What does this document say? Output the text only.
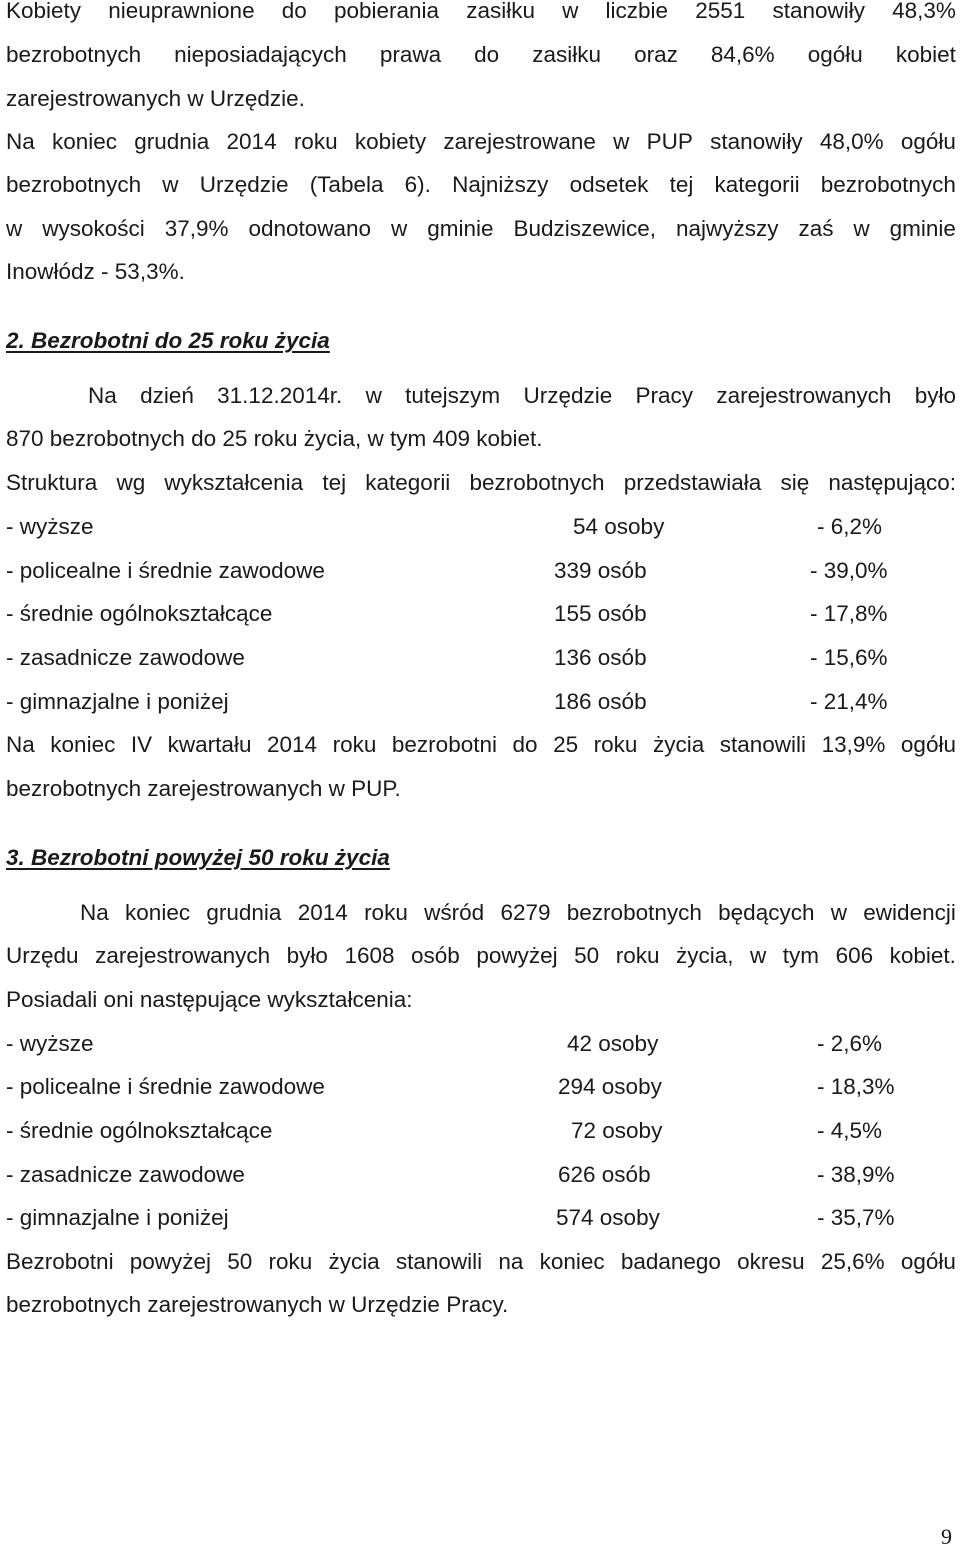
Kobiety nieuprawnione do pobierania zasiłku w liczbie 2551 stanowiły 48,3%
bezrobotnych nieposiadających prawa do zasiłku oraz 84,6% ogółu kobiet
zarejestrowanych w Urzędzie.
Na koniec grudnia 2014 roku kobiety zarejestrowane w PUP stanowiły 48,0% ogółu
bezrobotnych w Urzędzie (Tabela 6). Najniższy odsetek tej kategorii bezrobotnych
w wysokości 37,9% odnotowano w gminie Budziszewice, najwyższy zaś w gminie
Inowłódz - 53,3%.
2. Bezrobotni do 25 roku życia
Na dzień 31.12.2014r. w tutejszym Urzędzie Pracy zarejestrowanych było
870 bezrobotnych do 25 roku życia, w tym 409 kobiet.
Struktura wg wykształcenia tej kategorii bezrobotnych przedstawiała się następująco:
- wyższe	54 osoby	- 6,2%
- policealne i średnie zawodowe	339 osób	- 39,0%
- średnie ogólnokształcące	155 osób	- 17,8%
- zasadnicze zawodowe	136 osób	- 15,6%
- gimnazjalne i poniżej	186 osób	- 21,4%
Na koniec IV kwartału 2014 roku bezrobotni do 25 roku życia stanowili 13,9% ogółu
bezrobotnych zarejestrowanych w PUP.
3. Bezrobotni powyżej 50 roku życia
Na koniec grudnia 2014 roku wśród 6279 bezrobotnych będących w ewidencji
Urzędu zarejestrowanych było 1608 osób powyżej 50 roku życia, w tym 606 kobiet.
Posiadali oni następujące wykształcenia:
- wyższe	42 osoby	- 2,6%
- policealne i średnie zawodowe	294 osoby	- 18,3%
- średnie ogólnokształcące	72 osoby	- 4,5%
- zasadnicze zawodowe	626 osób	- 38,9%
- gimnazjalne i poniżej	574 osoby	- 35,7%
Bezrobotni powyżej 50 roku życia stanowili na koniec badanego okresu 25,6% ogółu
bezrobotnych zarejestrowanych w Urzędzie Pracy.
9
